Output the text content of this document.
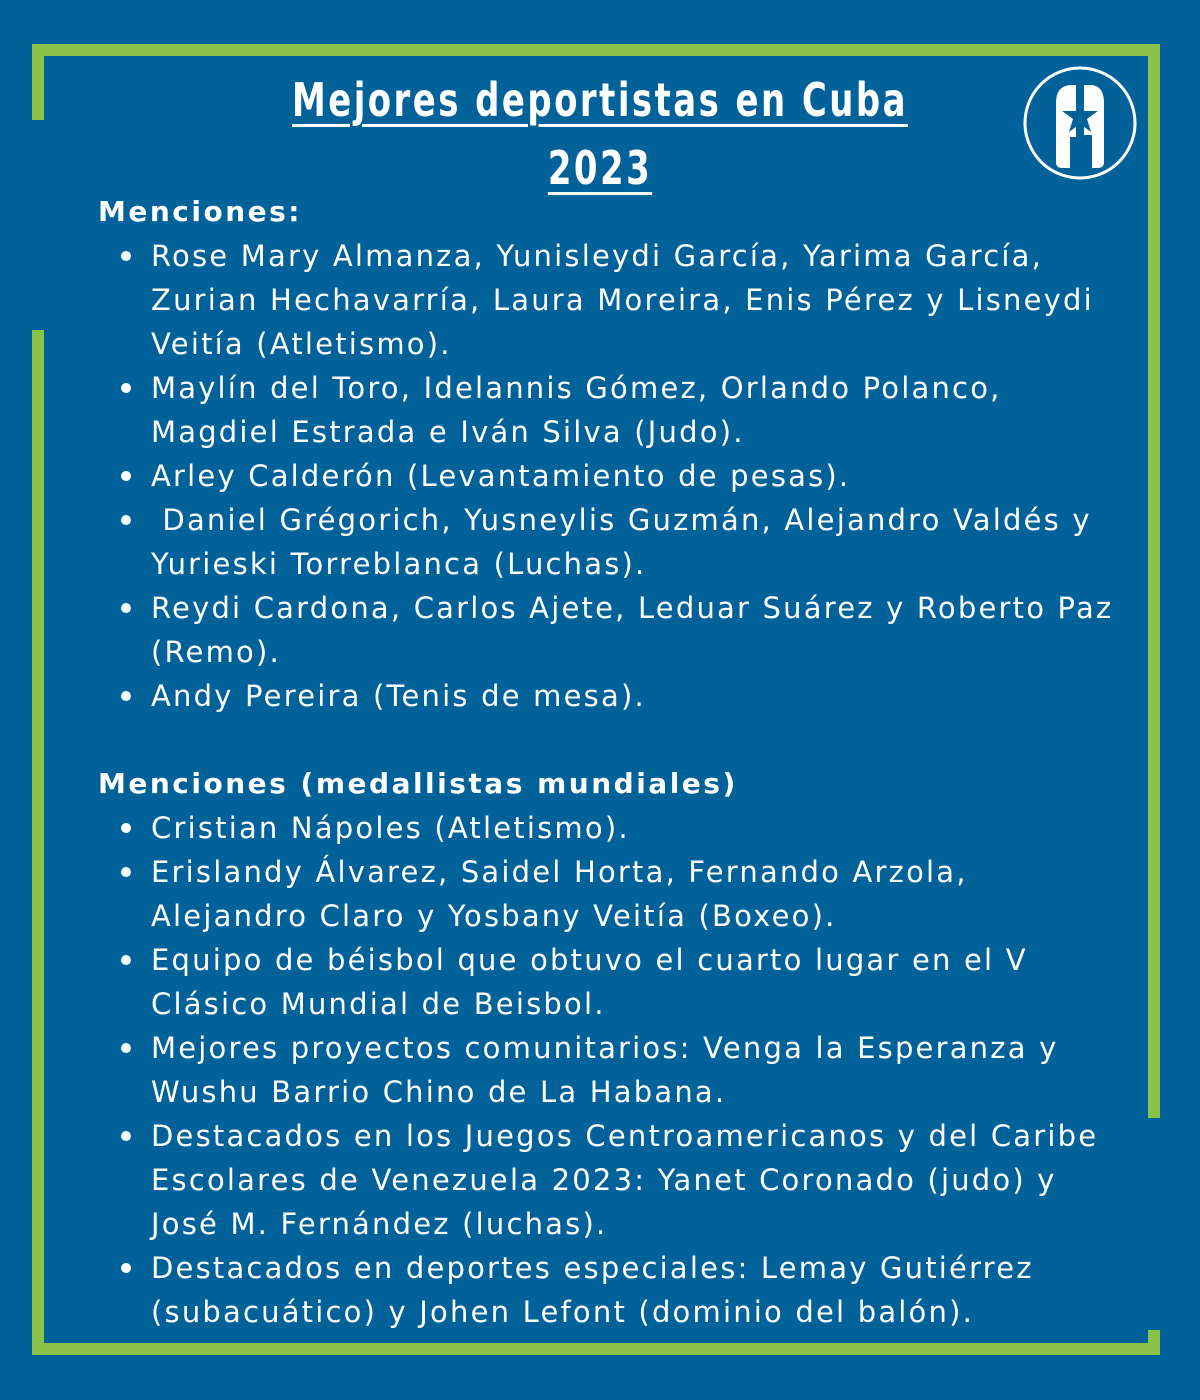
Mejores deportistas en Cuba
2023
Menciones:
Rose Mary Almanza, Yunisleydi García, Yarima García, Zurian Hechavarría, Laura Moreira, Enis Pérez y Lisneydi Veitía (Atletismo).
Maylín del Toro, Idelannis Gómez, Orlando Polanco, Magdiel Estrada e Iván Silva (Judo).
Arley Calderón (Levantamiento de pesas).
Daniel Grégorich, Yusneylis Guzmán, Alejandro Valdés y Yurieski Torreblanca (Luchas).
Reydi Cardona, Carlos Ajete, Leduar Suárez y Roberto Paz (Remo).
Andy Pereira (Tenis de mesa).
Menciones (medallistas mundiales)
Cristian Nápoles (Atletismo).
Erislandy Álvarez, Saidel Horta, Fernando Arzola, Alejandro Claro y Yosbany Veitía (Boxeo).
Equipo de béisbol que obtuvo el cuarto lugar en el V Clásico Mundial de Beisbol.
Mejores proyectos comunitarios: Venga la Esperanza y Wushu Barrio Chino de La Habana.
Destacados en los Juegos Centroamericanos y del Caribe Escolares de Venezuela 2023: Yanet Coronado (judo) y José M. Fernández (luchas).
Destacados en deportes especiales: Lemay Gutiérrez (subacuático) y Johen Lefont (dominio del balón).
